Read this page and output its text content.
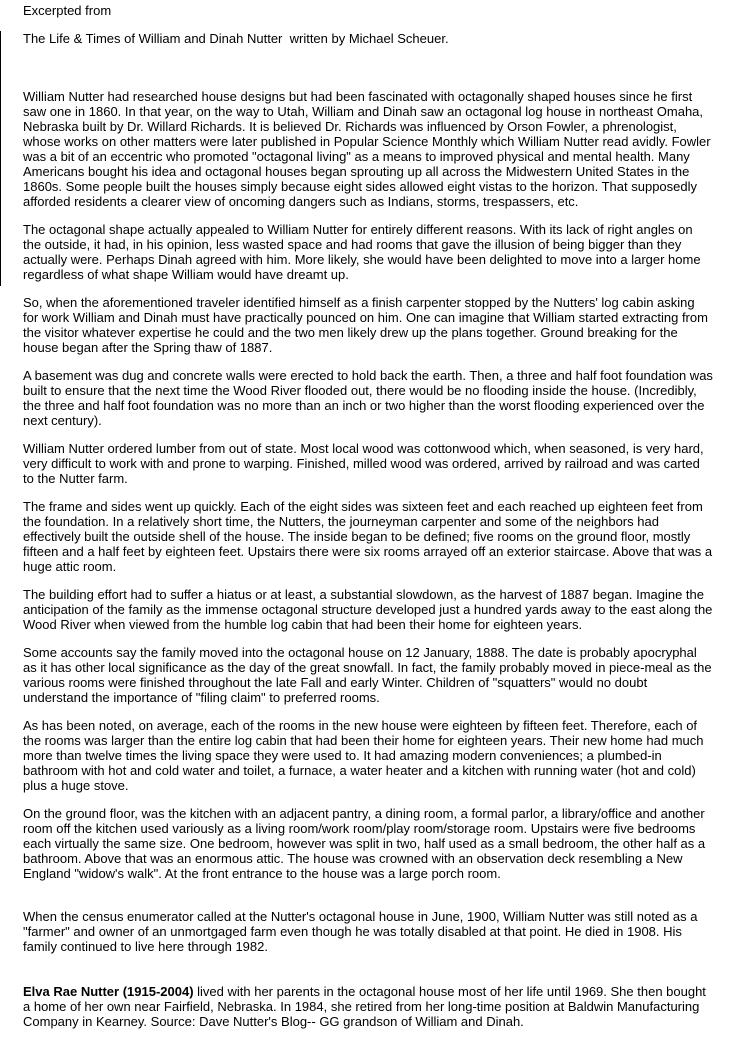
Excerpted from

The Life & Times of William and Dinah Nutter  written by Michael Scheuer.

William Nutter had researched house designs but had been fascinated with octagonally shaped houses since he first saw one in 1860. In that year, on the way to Utah, William and Dinah saw an octagonal log house in northeast Omaha, Nebraska built by Dr. Willard Richards. It is believed Dr. Richards was influenced by Orson Fowler, a phrenologist, whose works on other matters were later published in Popular Science Monthly which William Nutter read avidly. Fowler was a bit of an eccentric who promoted "octagonal living" as a means to improved physical and mental health. Many Americans bought his idea and octagonal houses began sprouting up all across the Midwestern United States in the 1860s. Some people built the houses simply because eight sides allowed eight vistas to the horizon. That supposedly afforded residents a clearer view of oncoming dangers such as Indians, storms, trespassers, etc.

The octagonal shape actually appealed to William Nutter for entirely different reasons. With its lack of right angles on the outside, it had, in his opinion, less wasted space and had rooms that gave the illusion of being bigger than they actually were. Perhaps Dinah agreed with him. More likely, she would have been delighted to move into a larger home regardless of what shape William would have dreamt up.

So, when the aforementioned traveler identified himself as a finish carpenter stopped by the Nutters' log cabin asking for work William and Dinah must have practically pounced on him. One can imagine that William started extracting from the visitor whatever expertise he could and the two men likely drew up the plans together. Ground breaking for the house began after the Spring thaw of 1887.

A basement was dug and concrete walls were erected to hold back the earth. Then, a three and half foot foundation was built to ensure that the next time the Wood River flooded out, there would be no flooding inside the house. (Incredibly, the three and half foot foundation was no more than an inch or two higher than the worst flooding experienced over the next century).

William Nutter ordered lumber from out of state. Most local wood was cottonwood which, when seasoned, is very hard, very difficult to work with and prone to warping. Finished, milled wood was ordered, arrived by railroad and was carted to the Nutter farm.

The frame and sides went up quickly. Each of the eight sides was sixteen feet and each reached up eighteen feet from the foundation. In a relatively short time, the Nutters, the journeyman carpenter and some of the neighbors had effectively built the outside shell of the house. The inside began to be defined; five rooms on the ground floor, mostly fifteen and a half feet by eighteen feet. Upstairs there were six rooms arrayed off an exterior staircase. Above that was a huge attic room.

The building effort had to suffer a hiatus or at least, a substantial slowdown, as the harvest of 1887 began. Imagine the anticipation of the family as the immense octagonal structure developed just a hundred yards away to the east along the Wood River when viewed from the humble log cabin that had been their home for eighteen years.

Some accounts say the family moved into the octagonal house on 12 January, 1888. The date is probably apocryphal as it has other local significance as the day of the great snowfall. In fact, the family probably moved in piece-meal as the various rooms were finished throughout the late Fall and early Winter. Children of "squatters" would no doubt understand the importance of "filing claim" to preferred rooms.

As has been noted, on average, each of the rooms in the new house were eighteen by fifteen feet. Therefore, each of the rooms was larger than the entire log cabin that had been their home for eighteen years. Their new home had much more than twelve times the living space they were used to. It had amazing modern conveniences; a plumbed-in bathroom with hot and cold water and toilet, a furnace, a water heater and a kitchen with running water (hot and cold) plus a huge stove.

On the ground floor, was the kitchen with an adjacent pantry, a dining room, a formal parlor, a library/office and another room off the kitchen used variously as a living room/work room/play room/storage room. Upstairs were five bedrooms each virtually the same size. One bedroom, however was split in two, half used as a small bedroom, the other half as a bathroom. Above that was an enormous attic. The house was crowned with an observation deck resembling a New England "widow's walk". At the front entrance to the house was a large porch room.

When the census enumerator called at the Nutter's octagonal house in June, 1900, William Nutter was still noted as a "farmer" and owner of an unmortgaged farm even though he was totally disabled at that point. He died in 1908. His family continued to live here through 1982.

Elva Rae Nutter (1915-2004) lived with her parents in the octagonal house most of her life until 1969. She then bought a home of her own near Fairfield, Nebraska. In 1984, she retired from her long-time position at Baldwin Manufacturing Company in Kearney. Source: Dave Nutter's Blog-- GG grandson of William and Dinah.
